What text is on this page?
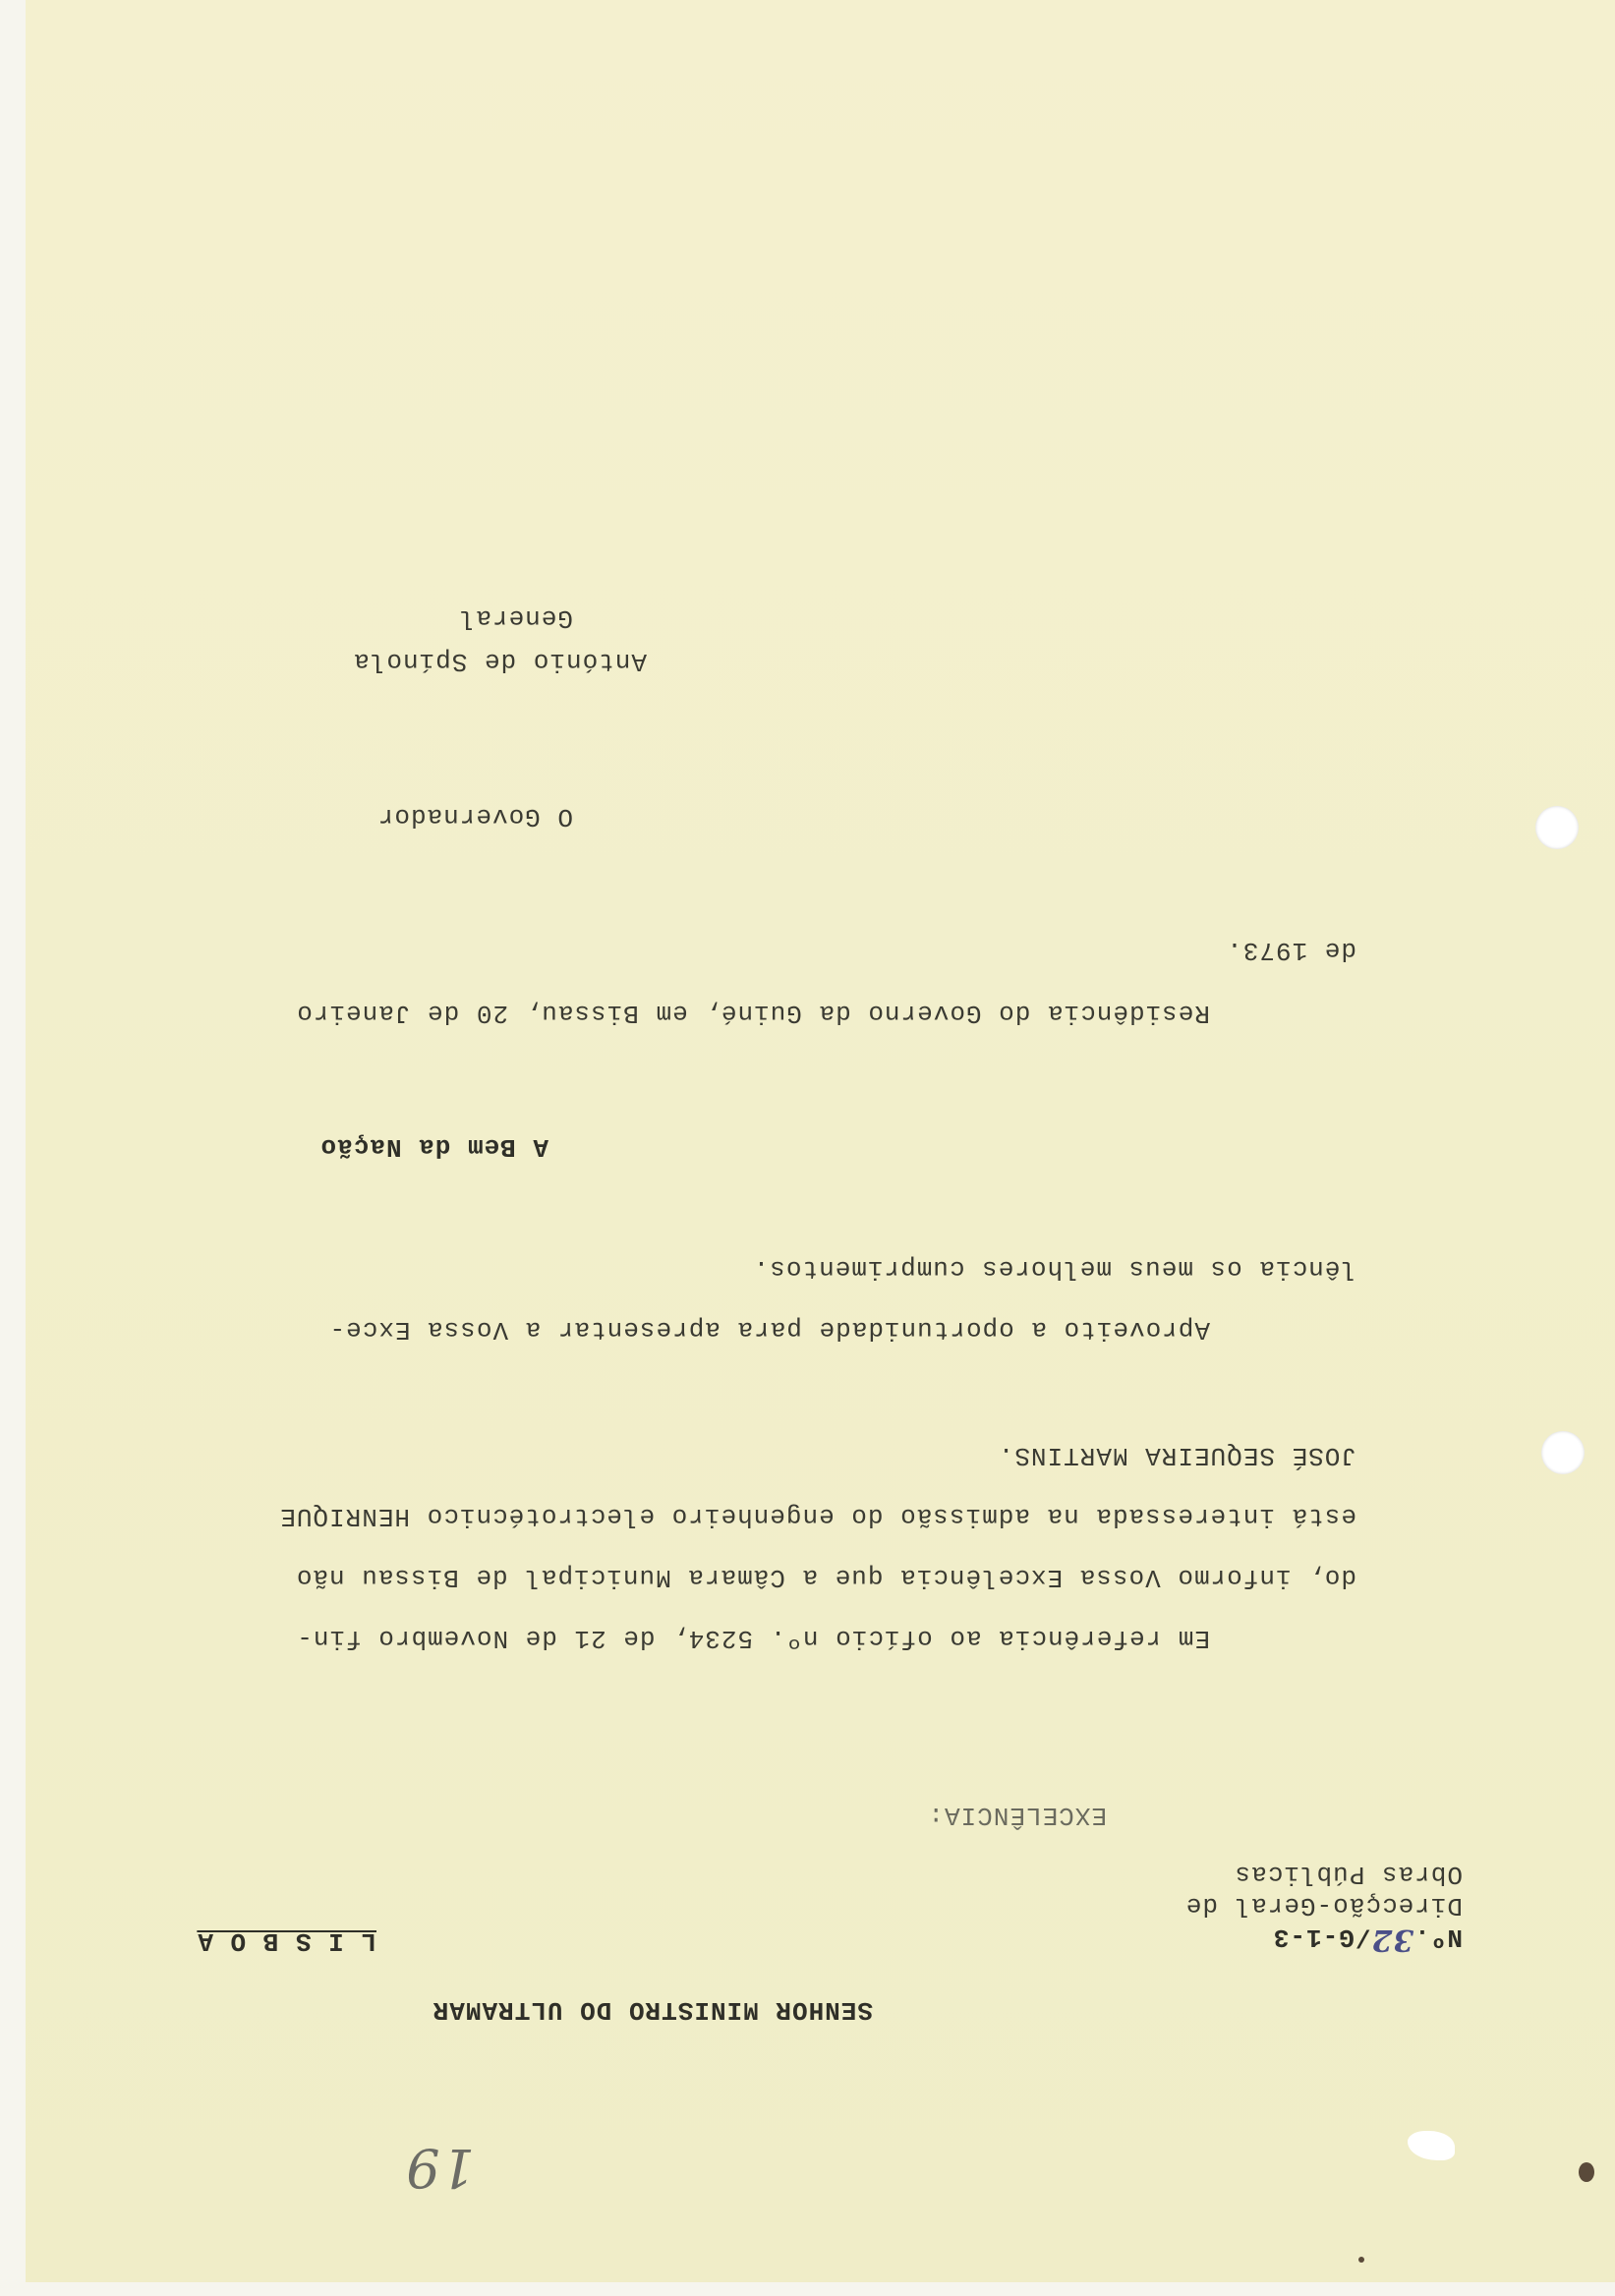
19
Nº.32/G-1-3
Direcção-Geral de
Obras Públicas
SENHOR MINISTRO DO ULTRAMAR
L I S B O A
EXCELÊNCIA:
Em referência ao ofício nº. 5234, de 21 de Novembro fin-
do, informo Vossa Excelência que a Câmara Municipal de Bissau não
está interessada na admissão do engenheiro electrotécnico HENRIQUE
JOSÉ SEQUEIRA MARTINS.
Aproveito a oportunidade para apresentar a Vossa Exce-
lência os meus melhores cumprimentos.
A Bem da Nação
Residência do Governo da Guiné, em Bissau, 20 de Janeiro
de 1973.
O Governador
António de Spínola
General
